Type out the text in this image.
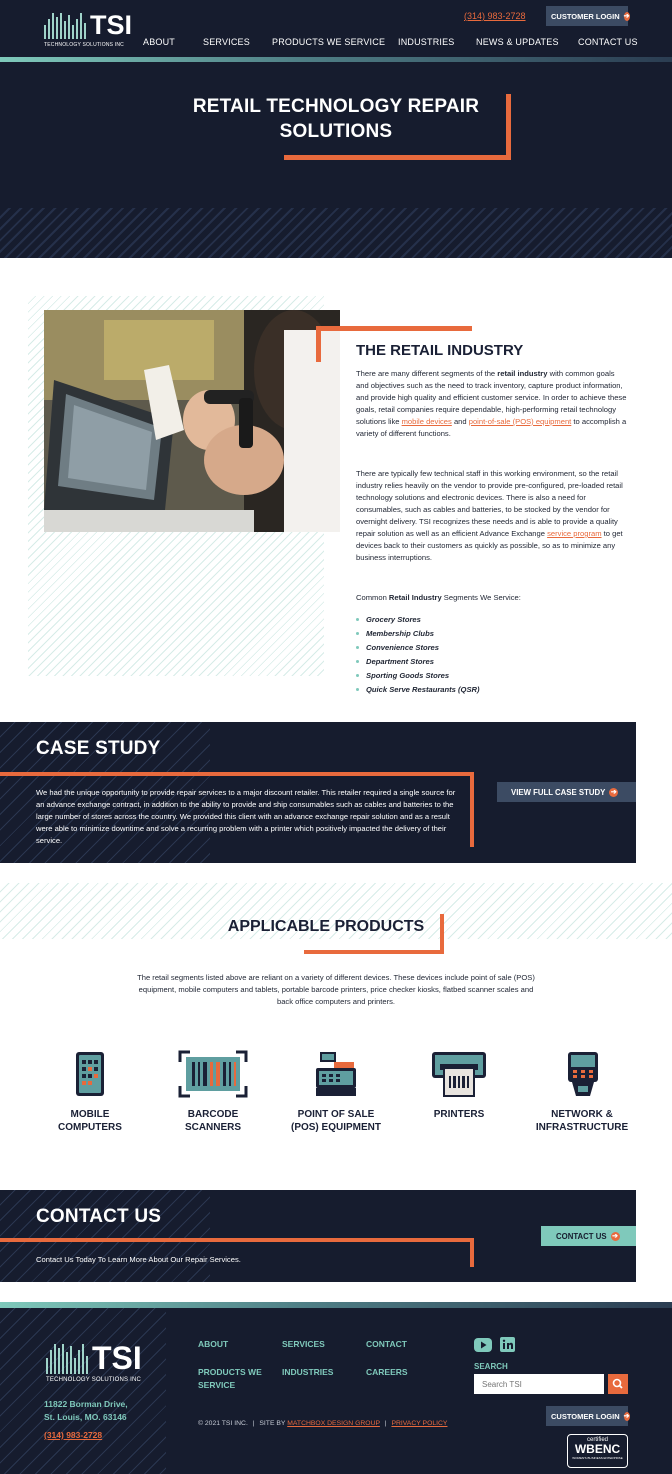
TSI
TECHNOLOGY SOLUTIONS INC
(314) 983-2728	CUSTOMER LOGIN ➔
ABOUT	SERVICES PRODUCTS WE SERVICE INDUSTRIES NEWS & UPDATES CONTACT US
RETAIL TECHNOLOGY REPAIR
SOLUTIONS
THE RETAIL INDUSTRY
There are many different segments of the retail industry with common goals and objectives such as the need to track inventory, capture product information, and provide high quality and efficient customer service. In order to achieve these goals, retail companies require dependable, high-performing retail technology solutions like mobile devices and point-of-sale (POS) equipment to accomplish a variety of different functions.
There are typically few technical staff in this working environment, so the retail industry relies heavily on the vendor to provide pre-configured, pre-loaded retail technology solutions and electronic devices. There is also a need for consumables, such as cables and batteries, to be stocked by the vendor for overnight delivery. TSI recognizes these needs and is able to provide a quality repair solution as well as an efficient Advance Exchange service program to get devices back to their customers as quickly as possible, so as to minimize any business interruptions.
Common Retail Industry Segments We Service:
Grocery Stores
Membership Clubs
Convenience Stores
Department Stores
Sporting Goods Stores
Quick Serve Restaurants (QSR)
CASE STUDY
We had the unique opportunity to provide repair services to a major discount retailer. This retailer required a single source for an advance exchange contract, in addition to the ability to provide and ship consumables such as cables and batteries to the large number of stores across the country. We provided this client with an advance exchange repair solution and as a result were able to minimize downtime and solve a recurring problem with a printer which positively impacted the delivery of their service.
VIEW FULL CASE STUDY ➔
APPLICABLE PRODUCTS
The retail segments listed above are reliant on a variety of different devices. These devices include point of sale (POS) equipment, mobile computers and tablets, portable barcode printers, price checker kiosks, flatbed scanner scales and back office computers and printers.
MOBILE
COMPUTERS
BARCODE
SCANNERS
POINT OF SALE
(POS) EQUIPMENT
PRINTERS	NETWORK &
INFRASTRUCTURE
CONTACT US
Contact Us Today To Learn More About Our Repair Services.
CONTACT US ➔
TSI
TECHNOLOGY SOLUTIONS INC
11822 Borman Drive,
St. Louis, MO. 63146
(314) 983-2728
ABOUT	SERVICES	CONTACT
PRODUCTS WE
SERVICE
INDUSTRIES	CAREERS
© 2021 TSI INC. | SITE BY MATCHBOX DESIGN GROUP | PRIVACY POLICY
SEARCH
Search TSI
CUSTOMER LOGIN ➔
certified
WBENC
WOMEN'S BUSINESS ENTERPRISE
